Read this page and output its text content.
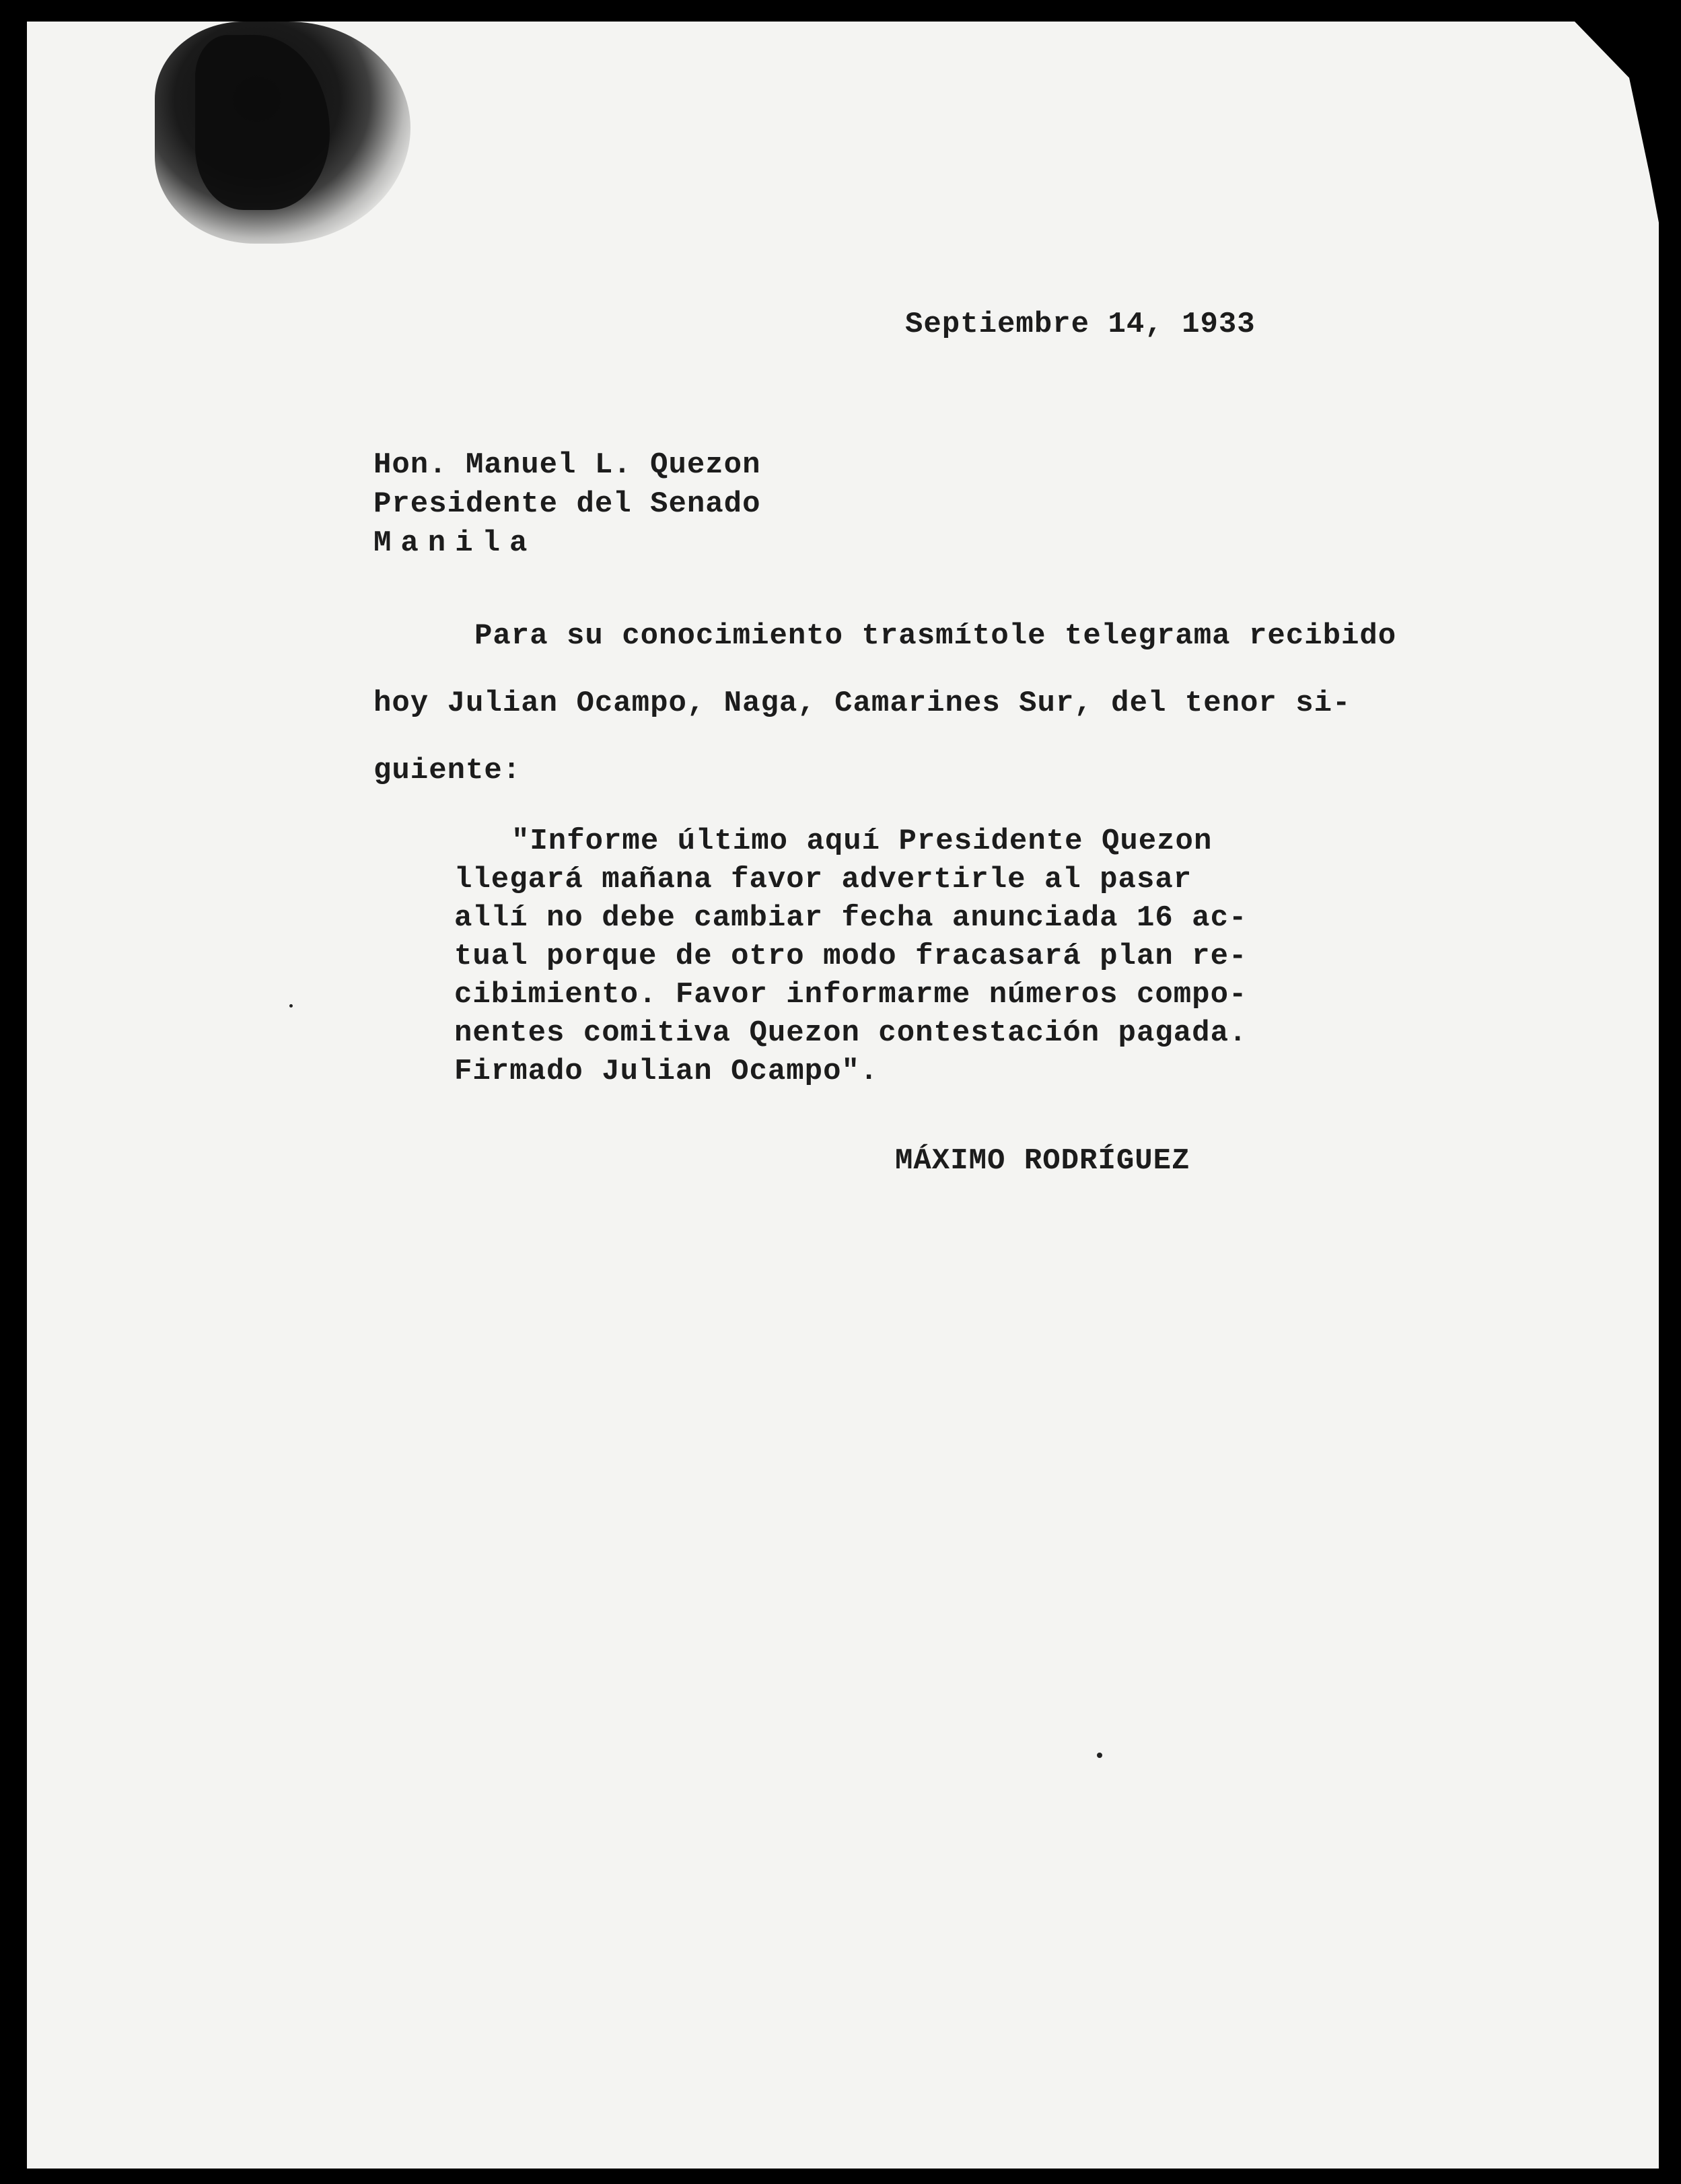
Septiembre 14, 1933
Hon. Manuel L. Quezon
Presidente del Senado
Manila
Para su conocimiento trasmítole telegrama recibido
hoy Julian Ocampo, Naga, Camarines Sur, del tenor si-
guiente:
"Informe último aquí Presidente Quezon
llegará mañana favor advertirle al pasar
allí no debe cambiar fecha anunciada 16 ac-
tual porque de otro modo fracasará plan re-
cibimiento. Favor informarme números compo-
nentes comitiva Quezon contestación pagada.
Firmado Julian Ocampo".
MÁXIMO RODRÍGUEZ
